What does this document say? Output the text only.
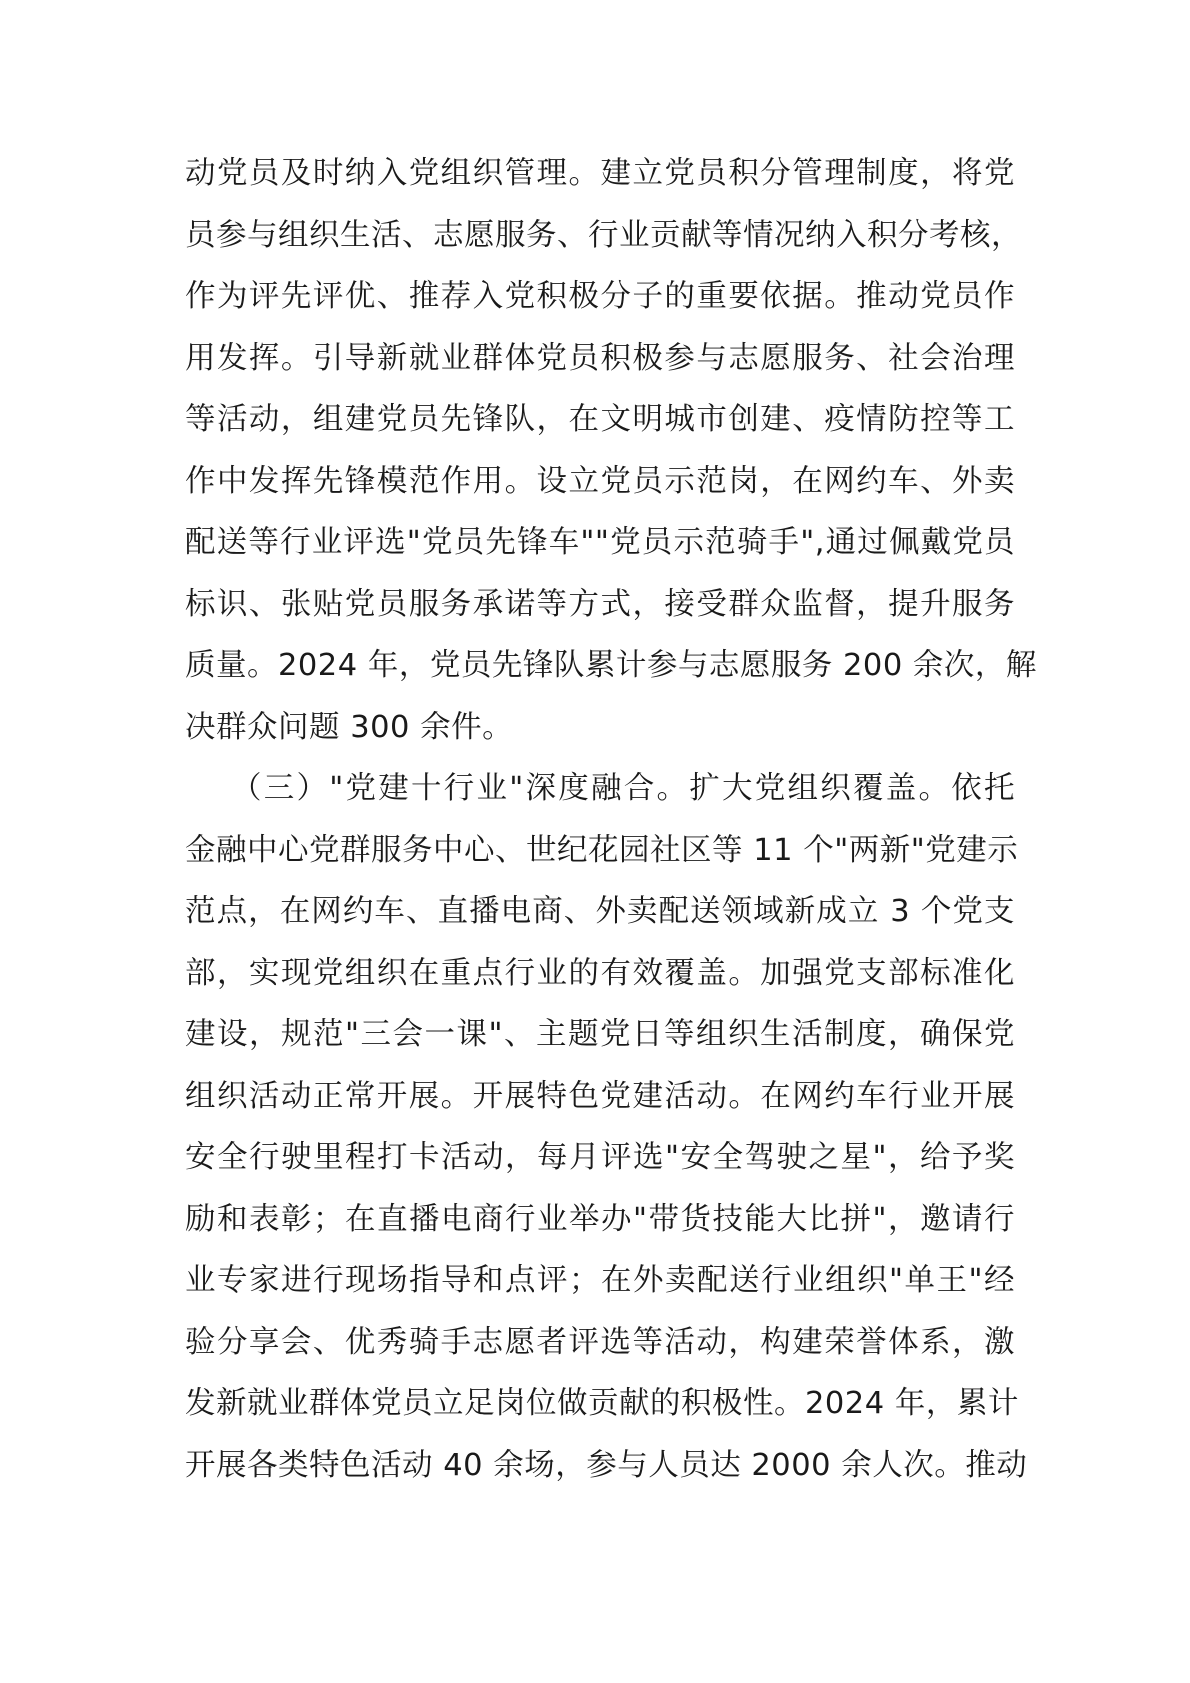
动党员及时纳入党组织管理。建立党员积分管理制度，将党
员参与组织生活、志愿服务、行业贡献等情况纳入积分考核，
作为评先评优、推荐入党积极分子的重要依据。推动党员作
用发挥。引导新就业群体党员积极参与志愿服务、社会治理
等活动，组建党员先锋队，在文明城市创建、疫情防控等工
作中发挥先锋模范作用。设立党员示范岗，在网约车、外卖
配送等行业评选"党员先锋车""党员示范骑手",通过佩戴党员
标识、张贴党员服务承诺等方式，接受群众监督，提升服务
质量。2024 年，党员先锋队累计参与志愿服务 200 余次，解
决群众问题 300 余件。
（三）"党建十行业"深度融合。扩大党组织覆盖。依托
金融中心党群服务中心、世纪花园社区等 11 个"两新"党建示
范点，在网约车、直播电商、外卖配送领域新成立 3 个党支
部，实现党组织在重点行业的有效覆盖。加强党支部标准化
建设，规范"三会一课"、主题党日等组织生活制度，确保党
组织活动正常开展。开展特色党建活动。在网约车行业开展
安全行驶里程打卡活动，每月评选"安全驾驶之星"，给予奖
励和表彰；在直播电商行业举办"带货技能大比拼"，邀请行
业专家进行现场指导和点评；在外卖配送行业组织"单王"经
验分享会、优秀骑手志愿者评选等活动，构建荣誉体系，激
发新就业群体党员立足岗位做贡献的积极性。2024 年，累计
开展各类特色活动 40 余场，参与人员达 2000 余人次。推动
